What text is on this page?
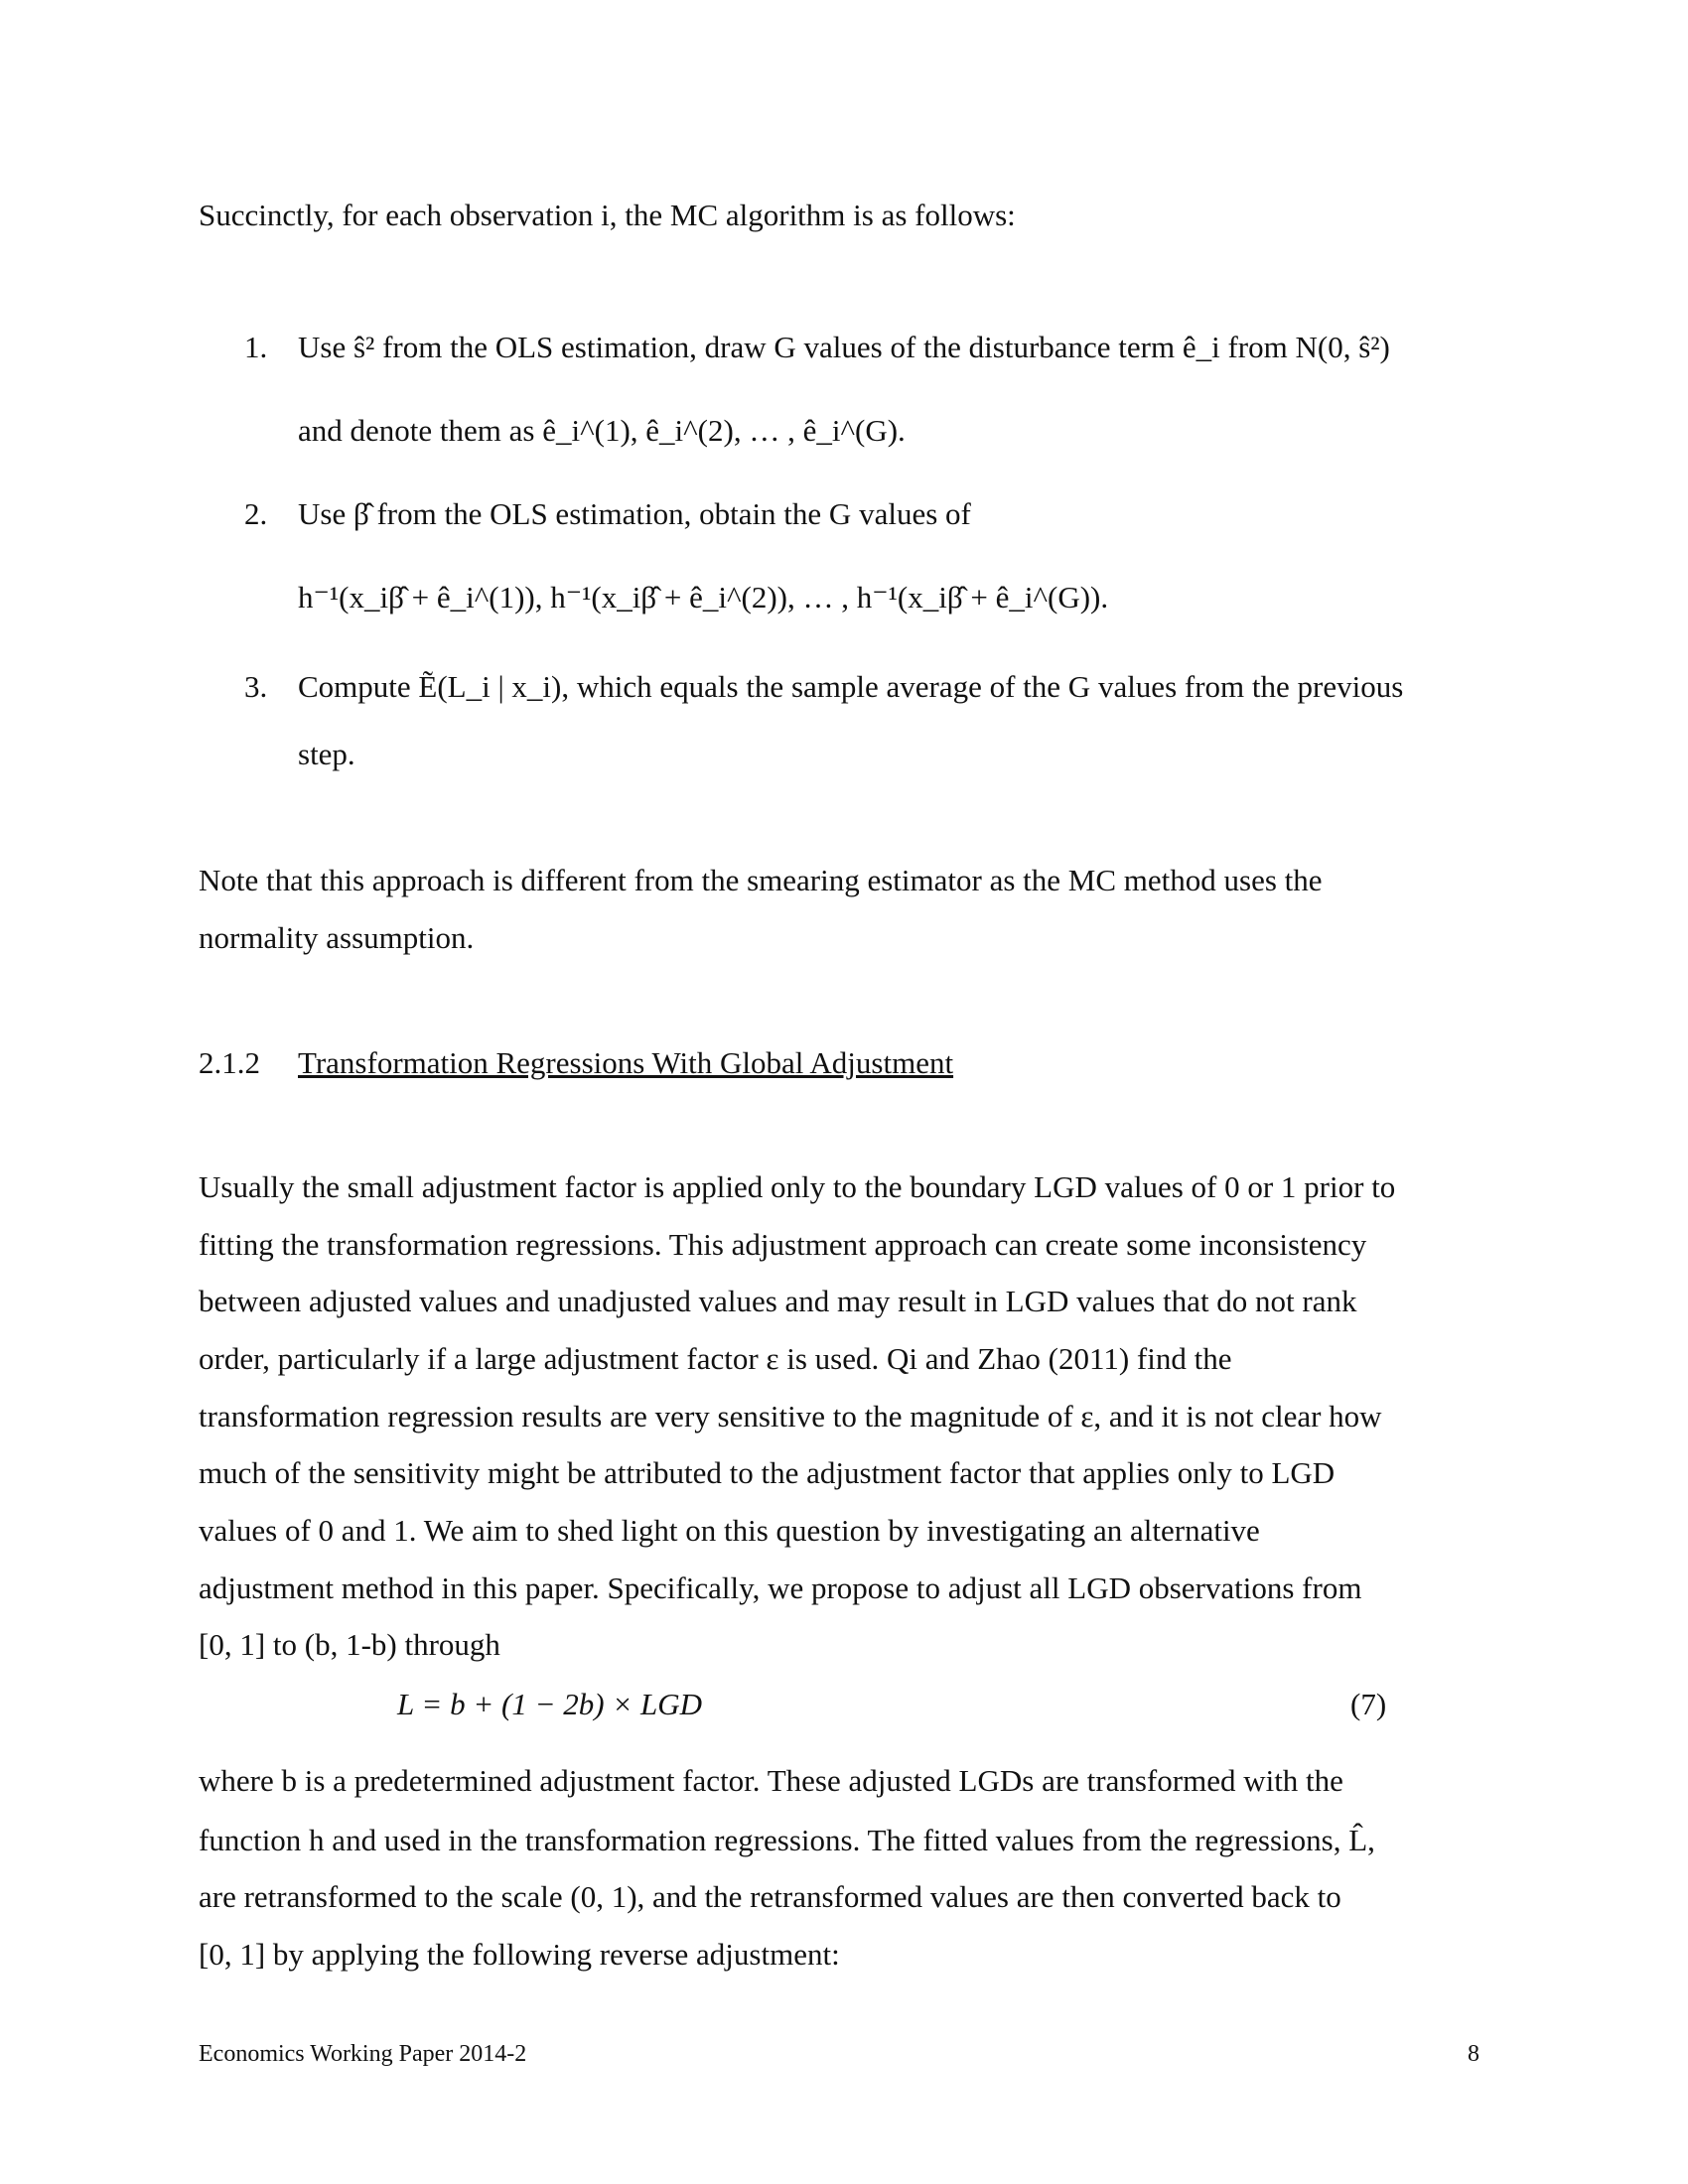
Succinctly, for each observation i, the MC algorithm is as follows:
1. Use ŝ² from the OLS estimation, draw G values of the disturbance term ê_i from N(0, ŝ²)
and denote them as ê_i^(1), ê_i^(2), … , ê_i^(G).
2. Use β̂ from the OLS estimation, obtain the G values of
h⁻¹(x_iβ̂ + ê_i^(1)), h⁻¹(x_iβ̂ + ê_i^(2)), … , h⁻¹(x_iβ̂ + ê_i^(G)).
3. Compute Ẽ(L_i | x_i), which equals the sample average of the G values from the previous
step.
Note that this approach is different from the smearing estimator as the MC method uses the
normality assumption.
2.1.2 Transformation Regressions With Global Adjustment
Usually the small adjustment factor is applied only to the boundary LGD values of 0 or 1 prior to
fitting the transformation regressions. This adjustment approach can create some inconsistency
between adjusted values and unadjusted values and may result in LGD values that do not rank
order, particularly if a large adjustment factor ε is used. Qi and Zhao (2011) find the
transformation regression results are very sensitive to the magnitude of ε, and it is not clear how
much of the sensitivity might be attributed to the adjustment factor that applies only to LGD
values of 0 and 1. We aim to shed light on this question by investigating an alternative
adjustment method in this paper. Specifically, we propose to adjust all LGD observations from
[0, 1] to (b, 1-b) through
L = b + (1 − 2b) × LGD	(7)
where b is a predetermined adjustment factor. These adjusted LGDs are transformed with the
function h and used in the transformation regressions. The fitted values from the regressions, L̂,
are retransformed to the scale (0, 1), and the retransformed values are then converted back to
[0, 1] by applying the following reverse adjustment:
Economics Working Paper 2014-2	8
